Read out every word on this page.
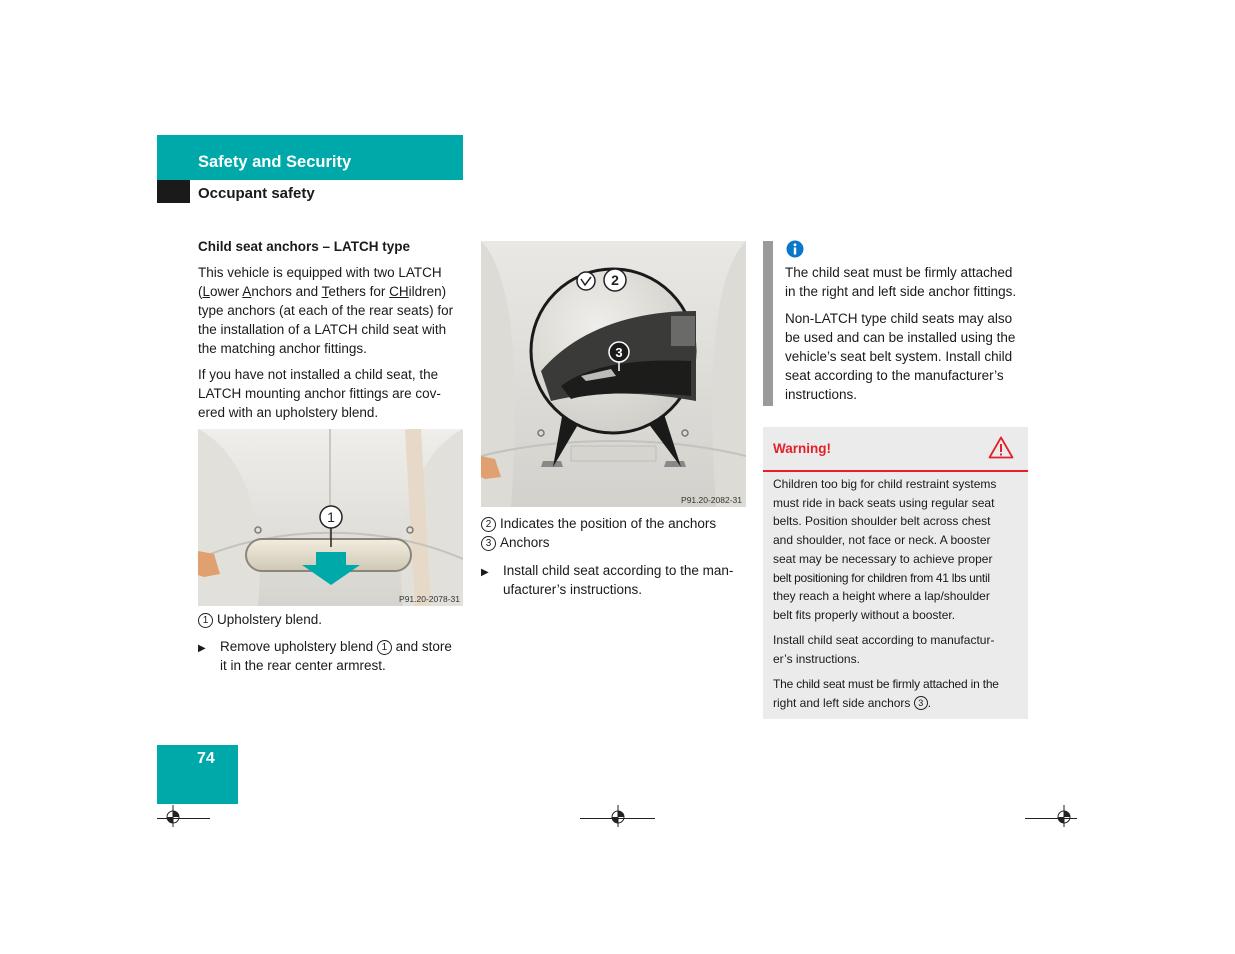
Safety and Security
Occupant safety
Child seat anchors – LATCH type
This vehicle is equipped with two LATCH
(Lower Anchors and Tethers for CHildren)
type anchors (at each of the rear seats) for
the installation of a LATCH child seat with
the matching anchor fittings.
If you have not installed a child seat, the
LATCH mounting anchor fittings are cov-
ered with an upholstery blend.
1
P91.20-2078-31
1 Upholstery blend.
▶ Remove upholstery blend 1 and store
it in the rear center armrest.
2
3
P91.20-2082-31
2 Indicates the position of the anchors
3 Anchors
▶ Install child seat according to the man-
ufacturer’s instructions.
The child seat must be firmly attached
in the right and left side anchor fittings.
Non-LATCH type child seats may also
be used and can be installed using the
vehicle’s seat belt system. Install child
seat according to the manufacturer’s
instructions.
Warning!
Children too big for child restraint systems
must ride in back seats using regular seat
belts. Position shoulder belt across chest
and shoulder, not face or neck. A booster
seat may be necessary to achieve proper
belt positioning for children from 41 lbs until
they reach a height where a lap/shoulder
belt fits properly without a booster.
Install child seat according to manufactur-
er’s instructions.
The child seat must be firmly attached in the
right and left side anchors 3 .
74
